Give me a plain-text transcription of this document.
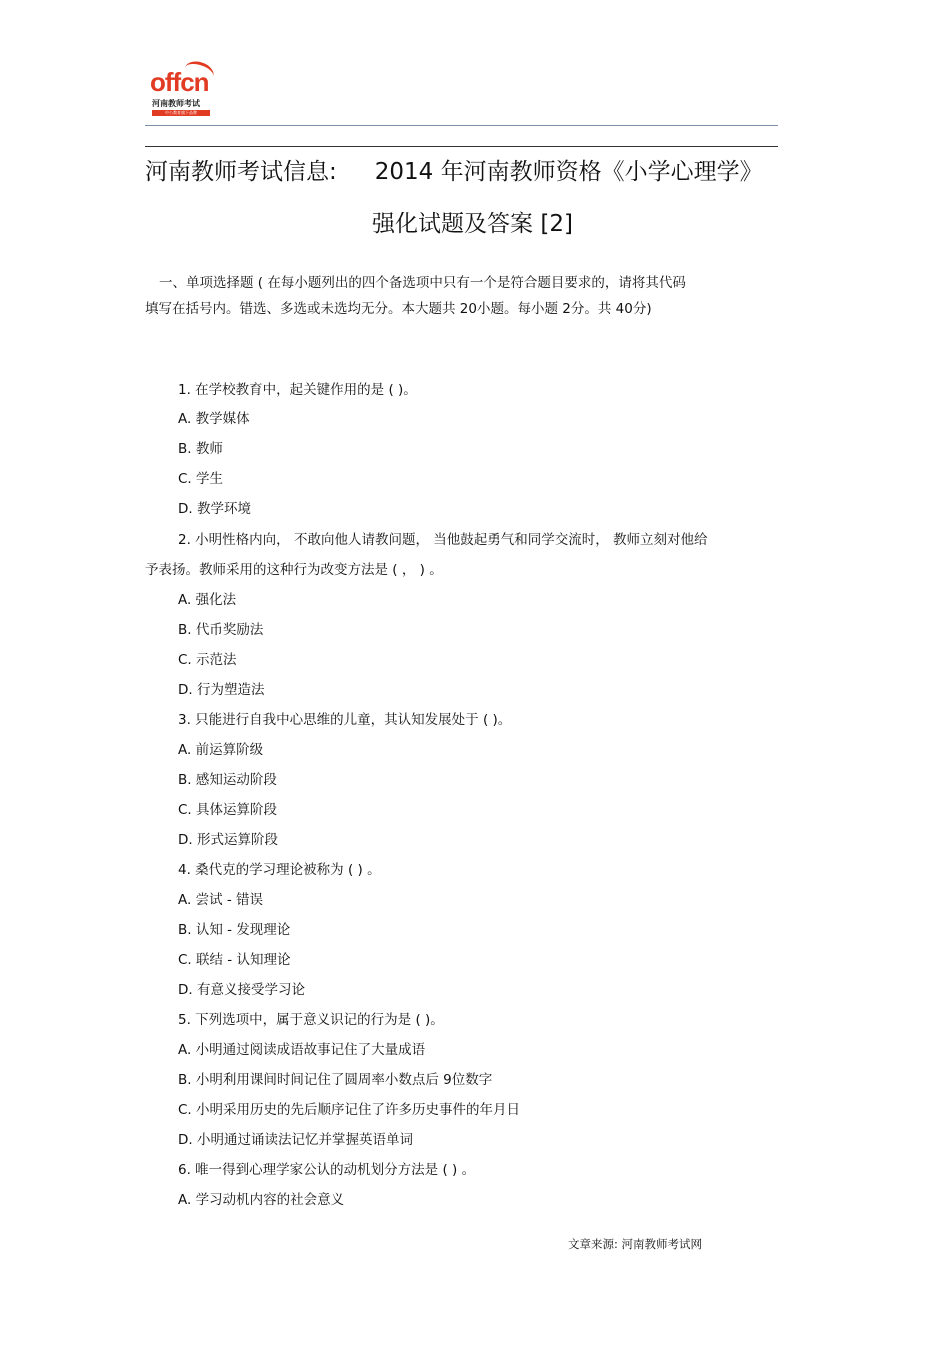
offcn
河南教师考试
中公教育旗下品牌
河南教师考试信息: 2014 年河南教师资格《小学心理学》
强化试题及答案 [2]

一、单项选择题 ( 在每小题列出的四个备选项中只有一个是符合题目要求的，请将其代码

填写在括号内。错选、多选或未选均无分。本大题共 20小题。每小题 2分。共 40分)

1. 在学校教育中，起关键作用的是 ( )。
A. 教学媒体
B. 教师
C. 学生
D. 教学环境
2. 小明性格内向， 不敢向他人请教问题， 当他鼓起勇气和同学交流时， 教师立刻对他给
予表扬。教师采用的这种行为改变方法是 ( ， ) 。
A. 强化法
B. 代币奖励法
C. 示范法
D. 行为塑造法
3. 只能进行自我中心思维的儿童，其认知发展处于 ( )。
A. 前运算阶级
B. 感知运动阶段
C. 具体运算阶段
D. 形式运算阶段
4. 桑代克的学习理论被称为 ( ) 。
A. 尝试 - 错误
B. 认知 - 发现理论
C. 联结 - 认知理论
D. 有意义接受学习论
5. 下列选项中，属于意义识记的行为是 ( )。
A. 小明通过阅读成语故事记住了大量成语
B. 小明利用课间时间记住了圆周率小数点后 9位数字
C. 小明采用历史的先后顺序记住了许多历史事件的年月日
D. 小明通过诵读法记忆并掌握英语单词
6. 唯一得到心理学家公认的动机划分方法是 ( ) 。
A. 学习动机内容的社会意义
文章来源: 河南教师考试网
